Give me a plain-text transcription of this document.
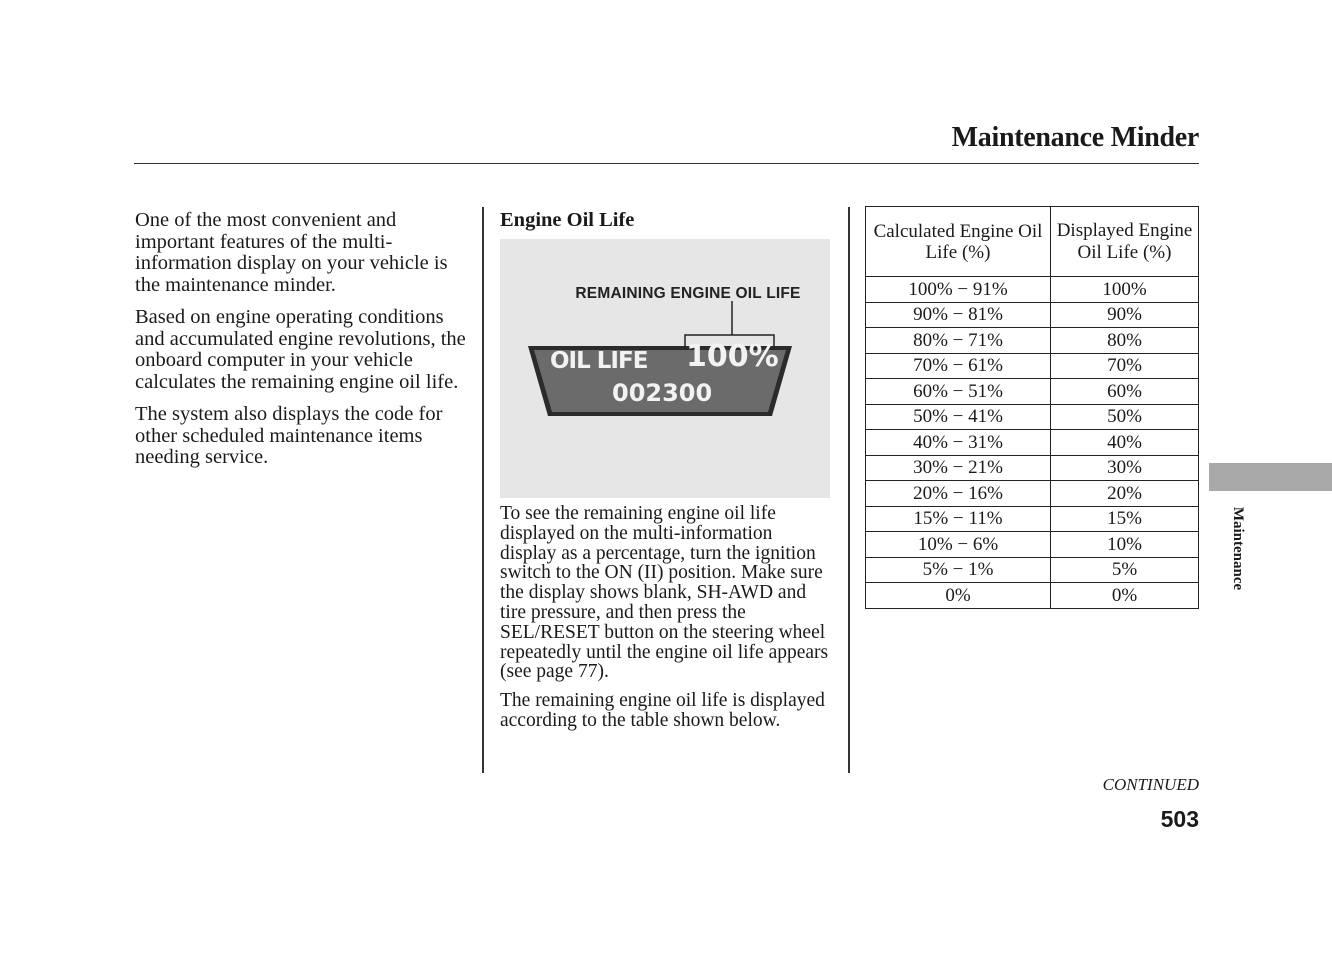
Maintenance Minder

One of the most convenient and important features of the multi-information display on your vehicle is the maintenance minder.

Based on engine operating conditions and accumulated engine revolutions, the onboard computer in your vehicle calculates the remaining engine oil life.

The system also displays the code for other scheduled maintenance items needing service.

Engine Oil Life
REMAINING ENGINE OIL LIFE
OIL LIFE 100%
002300

To see the remaining engine oil life displayed on the multi-information display as a percentage, turn the ignition switch to the ON (II) position. Make sure the display shows blank, SH-AWD and tire pressure, and then press the SEL/RESET button on the steering wheel repeatedly until the engine oil life appears (see page 77).

The remaining engine oil life is displayed according to the table shown below.

Calculated Engine Oil Life (%)	Displayed Engine Oil Life (%)
100% − 91%	100%
90% − 81%	90%
80% − 71%	80%
70% − 61%	70%
60% − 51%	60%
50% − 41%	50%
40% − 31%	40%
30% − 21%	30%
20% − 16%	20%
15% − 11%	15%
10% − 6%	10%
5% − 1%	5%
0%	0%
Maintenance
CONTINUED
503
